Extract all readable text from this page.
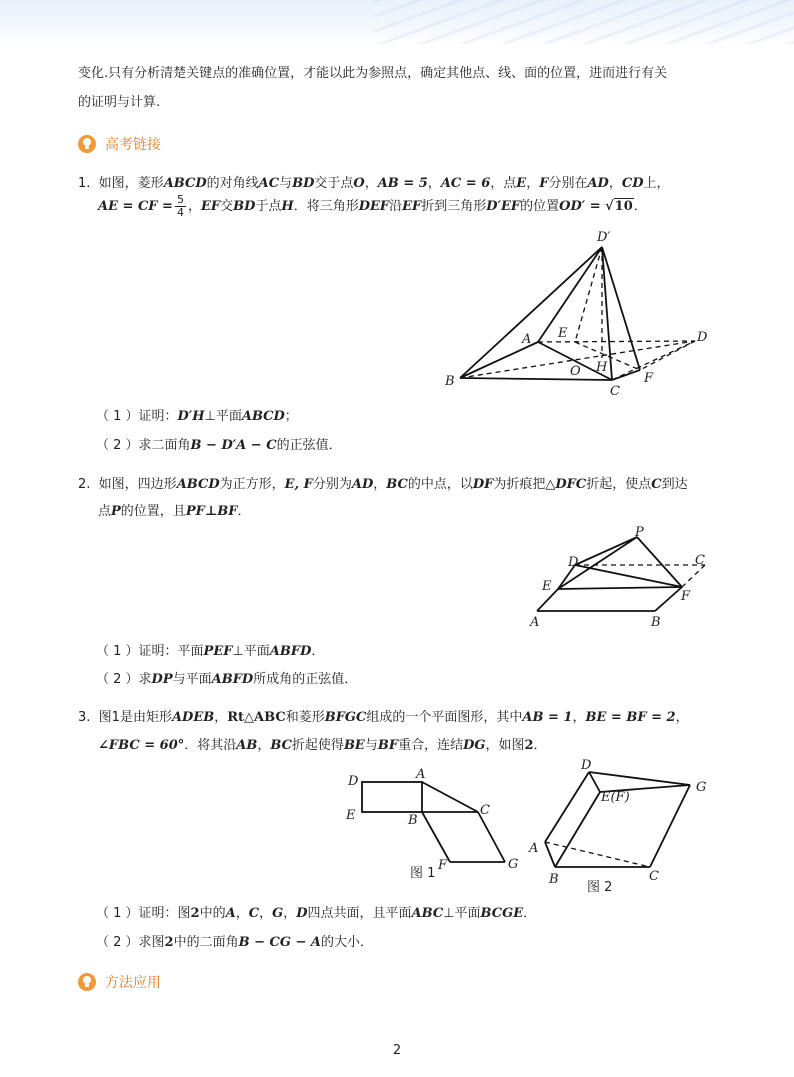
变化.只有分析清楚关键点的准确位置，才能以此为参照点，确定其他点、线、面的位置，进而进行有关
的证明与计算.
高考链接
1. 如图，菱形ABCD的对角线AC与BD交于点O，AB = 5，AC = 6，点E，F分别在AD，CD上，
AE = CF = $\frac{5}{4}$ ，EF交BD于点H．将三角形DEF沿EF折到三角形D′EF的位置OD′ = √10．
D′
A E	D
B
O H
C
F
（ 1 ）证明：D′H⊥平面ABCD；
（ 2 ）求二面角B − D′A − C的正弦值．
2. 如图，四边形ABCD为正方形，E, F分别为AD，BC的中点，以DF为折痕把△DFC折起，使点C到达
点P的位置，且PF⊥BF．
P
D	C
E
F
A	B
（ 1 ）证明：平面PEF⊥平面ABFD．
（ 2 ）求DP与平面ABFD所成角的正弦值．
3. 图1是由矩形ADEB，Rt△ABC和菱形BFGC组成的一个平面图形，其中AB = 1，BE = BF = 2，
∠FBC = 60°．将其沿AB，BC折起使得BE与BF重合，连结DG，如图2．
D	A
E	B
C
F	G
图 1
D
E(F)
G
A
B	C
图 2
（ 1 ）证明：图2中的A，C，G，D四点共面，且平面ABC⊥平面BCGE．
（ 2 ）求图2中的二面角B − CG − A的大小．
方法应用
2
